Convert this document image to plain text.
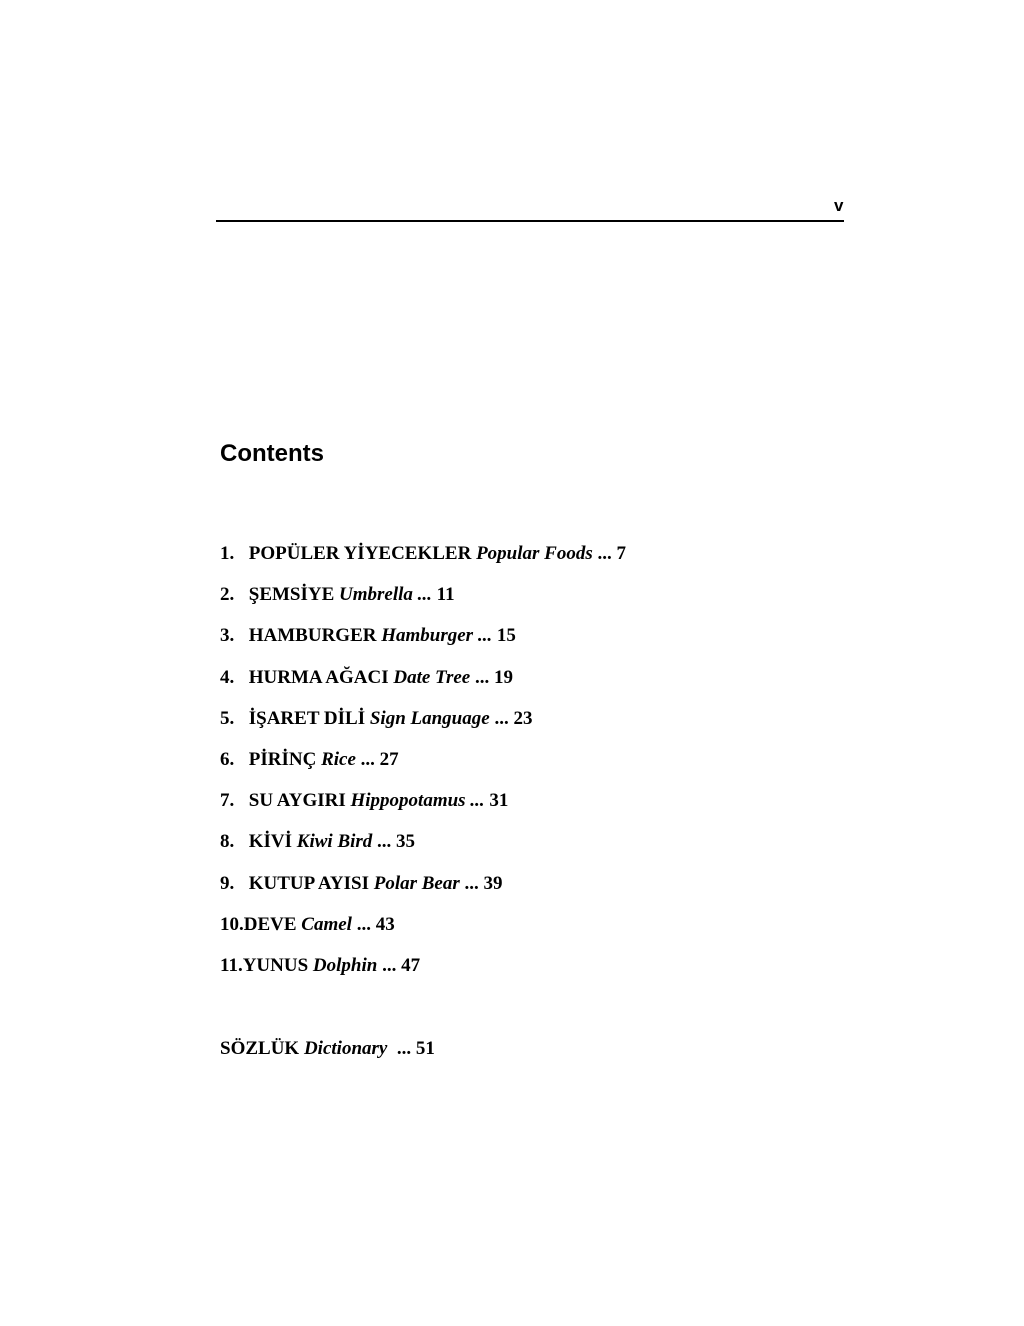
v
Contents
1. POPÜLER YİYECEKLER Popular Foods ... 7
2. ŞEMSİYE Umbrella ... 11
3. HAMBURGER Hamburger ... 15
4. HURMA AĞACI Date Tree ... 19
5. İŞARET DİLİ Sign Language ... 23
6. PİRİNÇ Rice ... 27
7. SU AYGIRI Hippopotamus ... 31
8. KİVİ Kiwi Bird ... 35
9. KUTUP AYISI Polar Bear ... 39
10.DEVE Camel ... 43
11.YUNUS Dolphin ... 47
SÖZLÜK Dictionary ... 51
